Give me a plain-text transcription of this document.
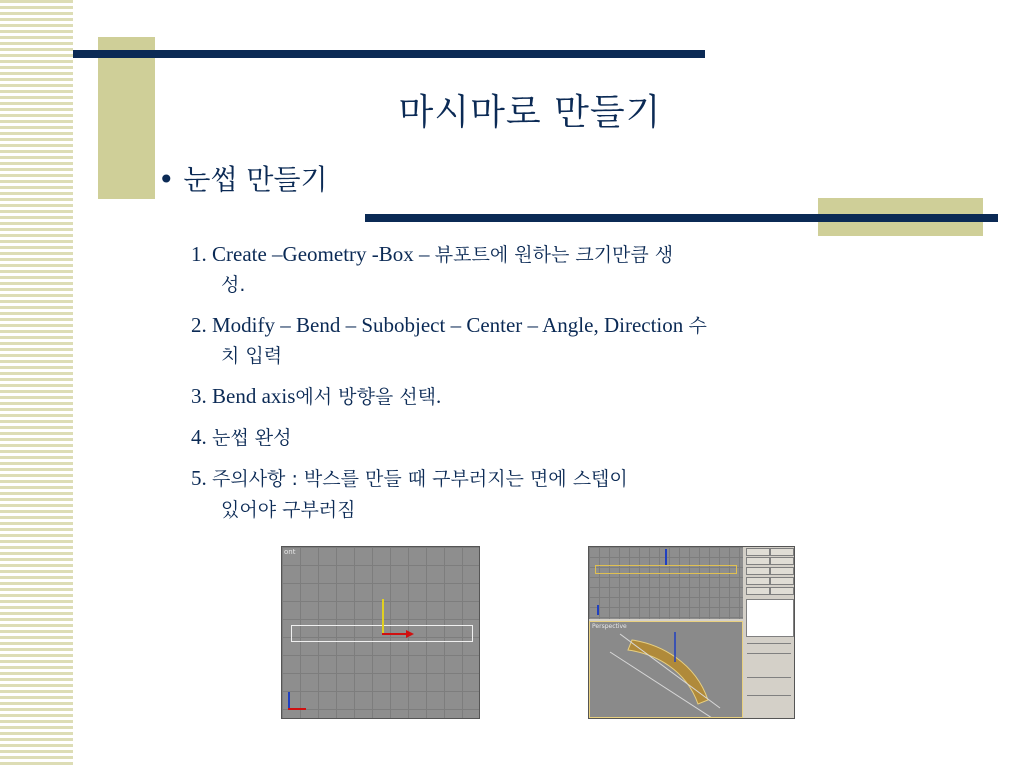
마시마로 만들기
• 눈썹 만들기
1. Create –Geometry -Box – 뷰포트에 원하는 크기만큼 생
성.
2. Modify – Bend – Subobject – Center – Angle, Direction 수
치 입력
3. Bend axis에서 방향을 선택.
4. 눈썹 완성
5. 주의사항 : 박스를 만들 때 구부러지는 면에 스텝이
있어야 구부러짐
ont
Perspective
